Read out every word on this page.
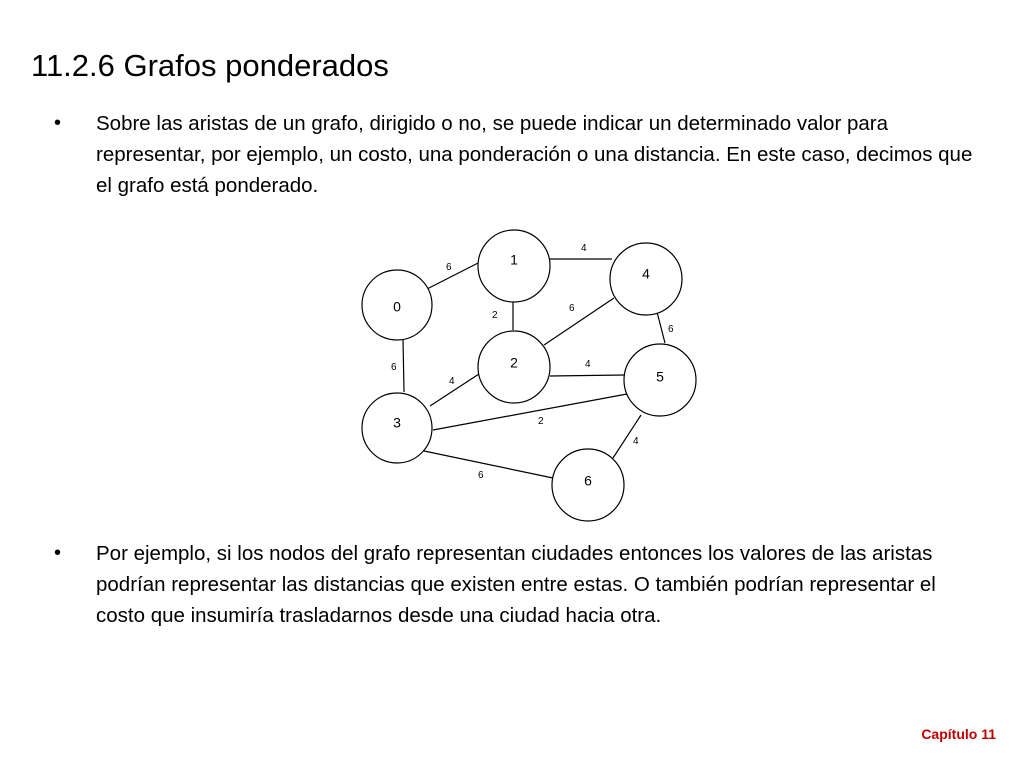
11.2.6 Grafos ponderados
• Sobre las aristas de un grafo, dirigido o no, se puede indicar un determinado valor para representar, por ejemplo, un costo, una ponderación o una distancia. En este caso, decimos que el grafo está ponderado.
6
4
2
6
6
6	4
4
2
4
6
0
1
2
3
4
5
6
• Por ejemplo, si los nodos del grafo representan ciudades entonces los valores de las aristas podrían representar las distancias que existen entre estas. O también podrían representar el costo que insumiría trasladarnos desde una ciudad hacia otra.
Capítulo 11
